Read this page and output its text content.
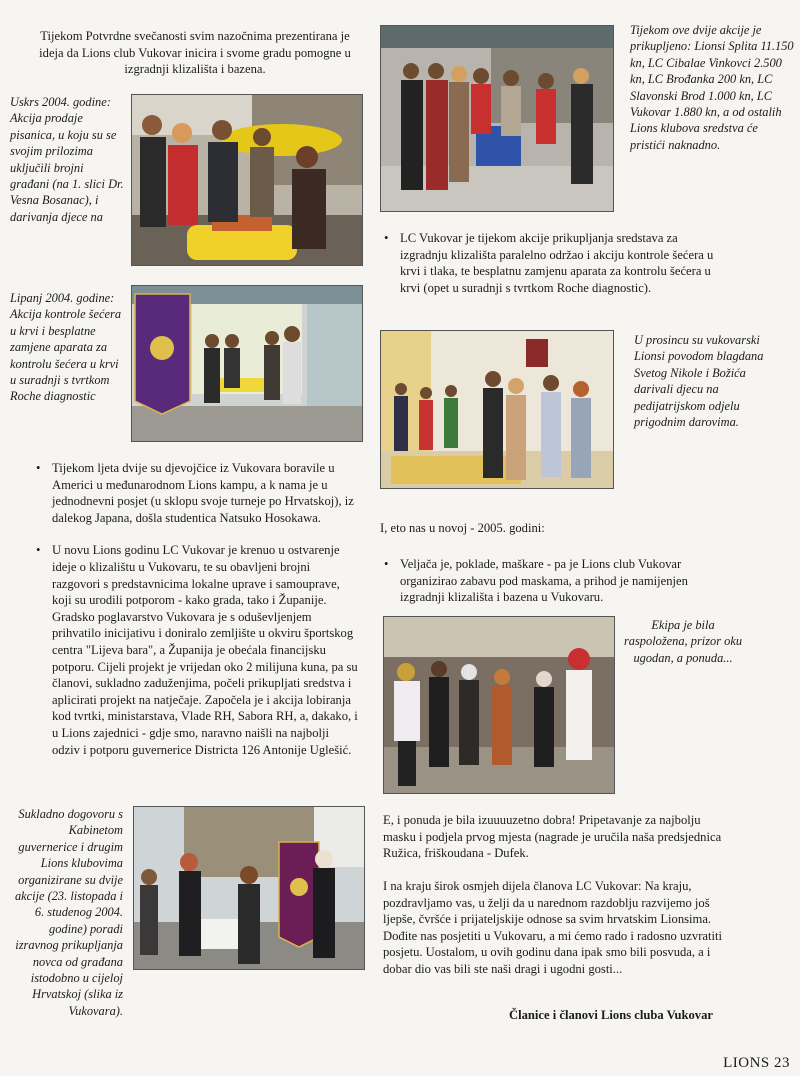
Tijekom Potvrdne svečanosti svim nazočnima prezentirana je ideja da Lions club Vukovar inicira i svome gradu pomogne u izgradnji klizališta i bazena.
Uskrs 2004. godine: Akcija prodaje pisanica, u koju su se svojim prilozima uključili brojni građani (na 1. slici Dr. Vesna Bosanac), i darivanja djece na
Lipanj 2004. godine: Akcija kontrole šećera u krvi i besplatne zamjene aparata za kontrolu šećera u krvi u suradnji s tvrtkom Roche diagnostic
• Tijekom ljeta dvije su djevojčice iz Vukovara boravile u Americi u međunarodnom Lions kampu, a k nama je u jednodnevni posjet (u sklopu svoje turneje po Hrvatskoj), iz dalekog Japana, došla studentica Natsuko Hosokawa.
• U novu Lions godinu LC Vukovar je krenuo u ostvarenje ideje o klizalištu u Vukovaru, te su obavljeni brojni razgovori s predstavnicima lokalne uprave i samouprave, koji su urodili potporom - kako grada, tako i Županije. Gradsko poglavarstvo Vukovara je s oduševljenjem prihvatilo inicijativu i doniralo zemljište u okviru športskog centra "Lijeva bara", a Županija je obećala financijsku potporu. Cijeli projekt je vrijedan oko 2 milijuna kuna, pa su članovi, sukladno zaduženjima, počeli prikupljati sredstva i aplicirati projekt na natječaje. Započela je i akcija lobiranja kod tvrtki, ministarstava, Vlade RH, Sabora RH, a, dakako, i u Lions zajednici - gdje smo, naravno naišli na najbolji odziv i potporu guvernerice Districta 126 Antonije Uglešić.
Sukladno dogovoru s Kabinetom guvernerice i drugim Lions klubovima organizirane su dvije akcije (23. listopada i 6. studenog 2004. godine) poradi izravnog prikupljanja novca od građana istodobno u cijeloj Hrvatskoj (slika iz Vukovara).
Tijekom ove dvije akcije je prikupljeno: Lionsi Splita 11.150 kn, LC Cibalae Vinkovci 2.500 kn, LC Brođanka 200 kn, LC Slavonski Brod 1.000 kn, LC Vukovar 1.880 kn, a od ostalih Lions klubova sredstva će pristići naknadno.
• LC Vukovar je tijekom akcije prikupljanja sredstava za izgradnju klizališta paralelno održao i akciju kontrole šećera u krvi i tlaka, te besplatnu zamjenu aparata za kontrolu šećera u krvi (opet u suradnji s tvrtkom Roche diagnostic).
U prosincu su vukovarski Lionsi povodom blagdana Svetog Nikole i Božića darivali djecu na pedijatrijskom odjelu prigodnim darovima.
I, eto nas u novoj - 2005. godini:
• Veljača je, poklade, maškare - pa je Lions club Vukovar organizirao zabavu pod maskama, a prihod je namijenjen izgradnji klizališta i bazena u Vukovaru.
Ekipa je bila raspoložena, prizor oku ugodan, a ponuda...
E, i ponuda je bila izuuuuzetno dobra! Pripetavanje za najbolju masku i podjela prvog mjesta (nagrade je uručila naša predsjednica Ružica, friškoudana - Dufek.
I na kraju širok osmjeh dijela članova LC Vukovar: Na kraju, pozdravljamo vas, u želji da u narednom razdoblju razvijemo još ljepše, čvršće i prijateljskije odnose sa svim hrvatskim Lionsima. Dođite nas posjetiti u Vukovaru, a mi ćemo rado i radosno uzvratiti posjetu. Uostalom, u ovih godinu dana ipak smo bili posvuda, a i dobar dio vas bili ste naši dragi i ugodni gosti...
Članice i članovi Lions cluba Vukovar
LIONS 23
